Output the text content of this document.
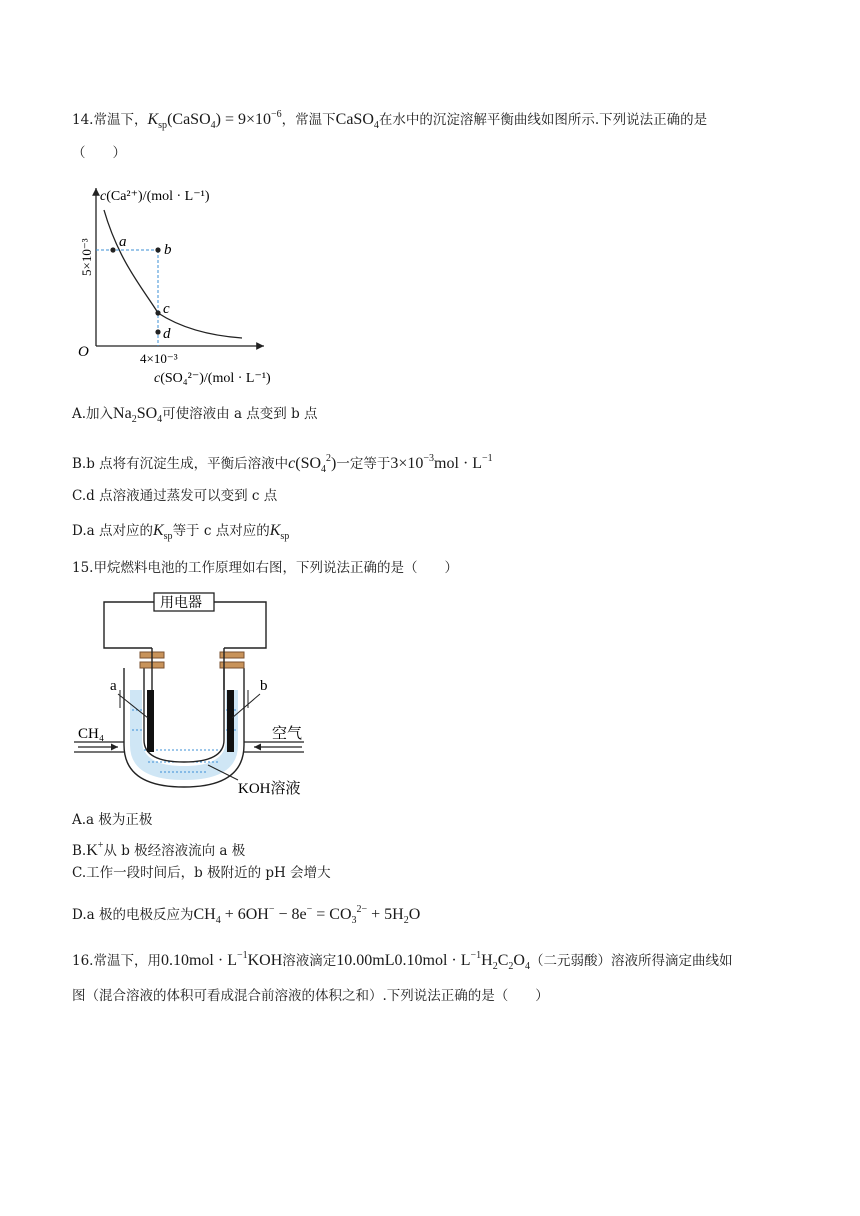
14.常温下，$K_{sp}(CaSO_4) = 9\times 10^{-6}$，常温下CaSO$_4$在水中的沉淀溶解平衡曲线如图所示.下列说法正确的是
（　　）
a	b
c
d
O
5×10⁻³
4×10⁻³
c(Ca²⁺)/(mol · L⁻¹)
c(SO₄²⁻)/(mol · L⁻¹)
A.加入$Na_2SO_4$可使溶液由 a 点变到 b 点
B.b 点将有沉淀生成，平衡后溶液中$c(SO_4^2)$一定等于$3\times 10^{-3}mol \cdot L^{-1}$
C.d 点溶液通过蒸发可以变到 c 点
D.a 点对应的$K_{sp}$等于 c 点对应的$K_{sp}$
15.甲烷燃料电池的工作原理如右图，下列说法正确的是（　　）
用电器
a	b
CH₄	空气
KOH溶液
A.a 极为正极
B.K+从 b 极经溶液流向 a 极
C.工作一段时间后，b 极附近的 pH 会增大
D.a 极的电极反应为$CH_4 + 6OH^- - 8e^- = CO_3^{2-} + 5H_2O$
16.常温下，用$0.10mol \cdot L^{-1}KOH$溶液滴定$10.00mL0.10mol \cdot L^{-1}H_2C_2O_4$（二元弱酸）溶液所得滴定曲线如
图（混合溶液的体积可看成混合前溶液的体积之和）.下列说法正确的是（　　）
